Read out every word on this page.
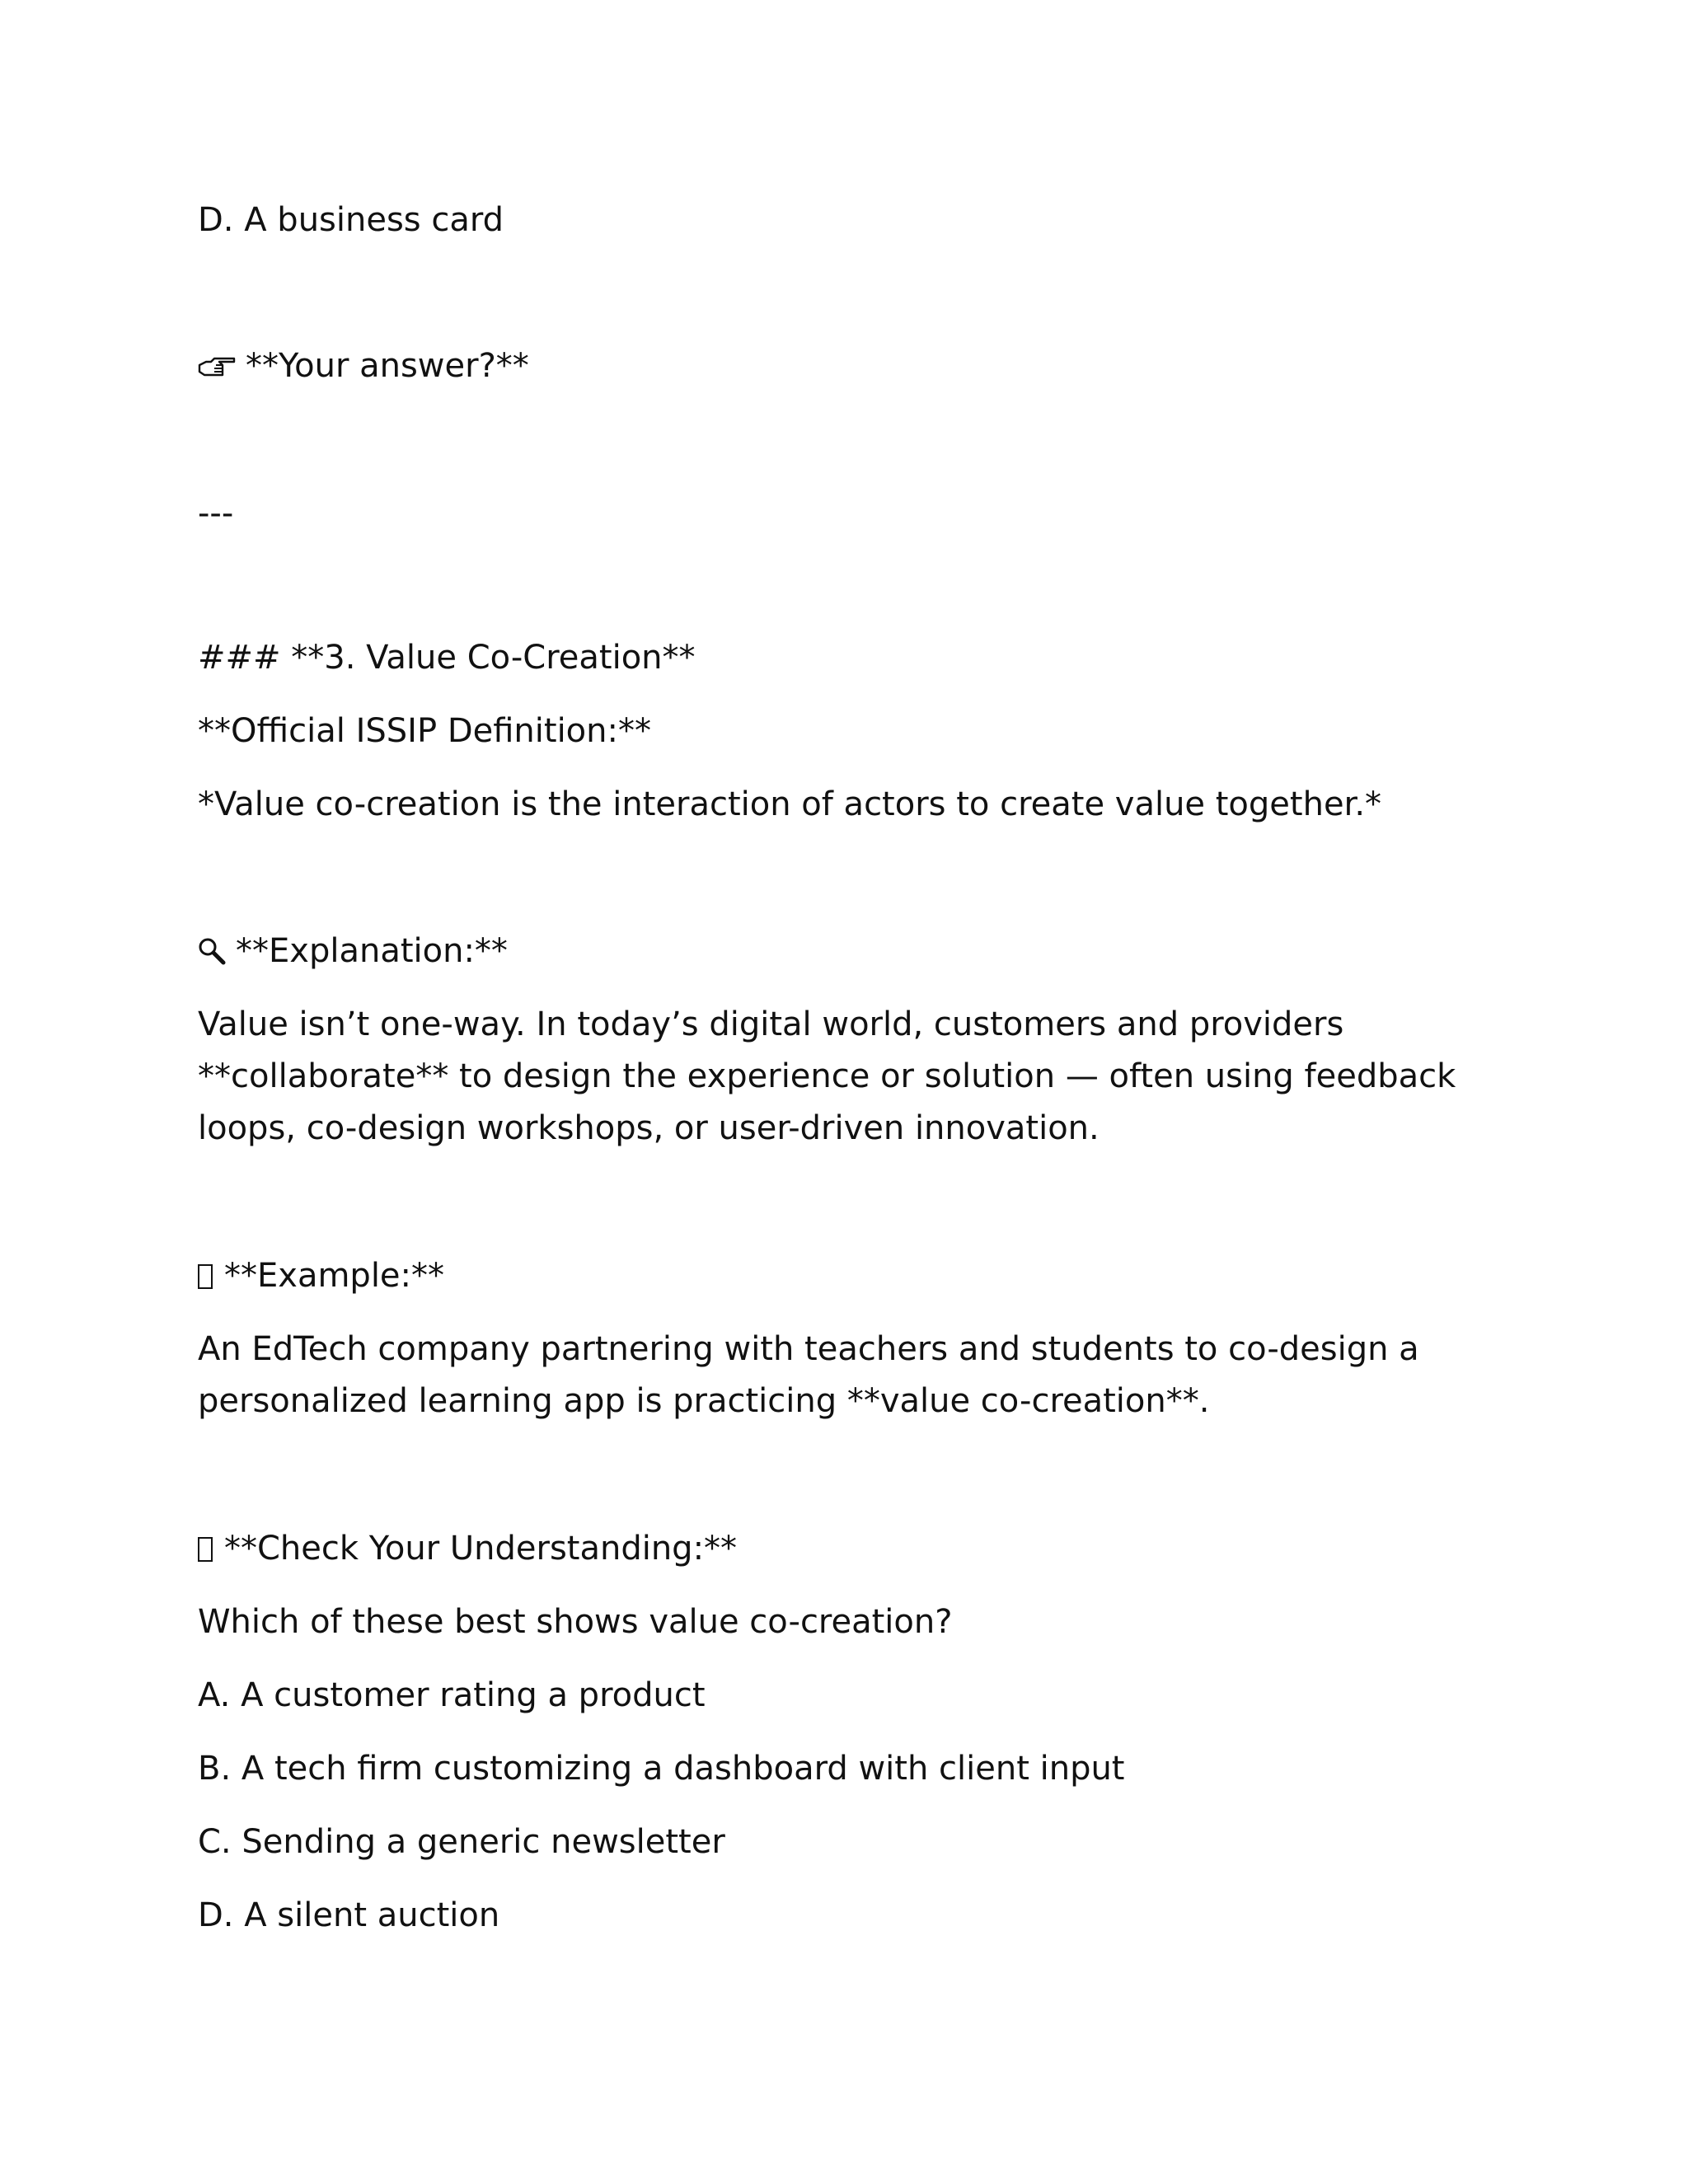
D. A business card

**Your answer?**

---

### **3. Value Co-Creation**

**Official ISSIP Definition:**

*Value co-creation is the interaction of actors to create value together.*

**Explanation:**

Value isn’t one-way. In today’s digital world, customers and providers
**collaborate** to design the experience or solution — often using feedback
loops, co-design workshops, or user-driven innovation.

**Example:**

An EdTech company partnering with teachers and students to co-design a
personalized learning app is practicing **value co-creation**.

**Check Your Understanding:**

Which of these best shows value co-creation?

A. A customer rating a product

B. A tech firm customizing a dashboard with client input

C. Sending a generic newsletter

D. A silent auction
